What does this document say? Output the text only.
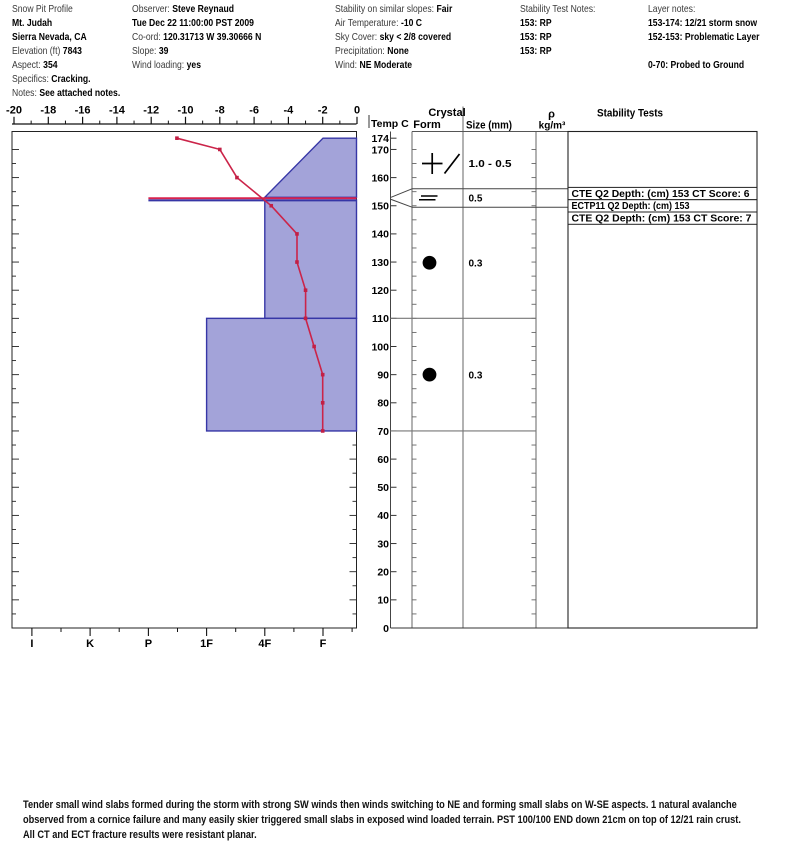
Snow Pit Profile
Mt. Judah
Sierra Nevada, CA
Elevation (ft) 7843
Aspect: 354
Specifics: Cracking.
Notes: See attached notes.
Observer: Steve Reynaud
Tue Dec 22 11:00:00 PST 2009
Co-ord: 120.31713 W 39.30666 N
Slope: 39
Wind loading: yes
Stability on similar slopes: Fair
Air Temperature: -10 C
Sky Cover: sky < 2/8 covered
Precipitation: None
Wind: NE Moderate
Stability Test Notes:
153: RP
153: RP
153: RP
Layer notes:
153-174: 12/21 storm snow
152-153: Problematic Layer
0-70: Probed to Ground
-20 -18 -16 -14 -12 -10 -8 -6 -4 -2 0
Temp C
I	K	P	1F	4F	F
174
170
160
150
140
130
120
110
100
90
80
70
60
50
40
30
20
10
0
Crystal
Form Size (mm)
ρ
kg/m³
Stability Tests
CTE Q2 Depth: (cm) 153 CT Score: 6
ECTP11 Q2 Depth: (cm) 153
CTE Q2 Depth: (cm) 153 CT Score: 7
1.0 - 0.5
0.5
0.3
0.3
Tender small wind slabs formed during the storm with strong SW winds then winds switching to NE and forming small slabs on W-SE aspects. 1 natural avalanche
observed from a cornice failure and many easily skier triggered small slabs in exposed wind loaded terrain. PST 100/100 END down 21cm on top of 12/21 rain crust.
All CT and ECT fracture results were resistant planar.
